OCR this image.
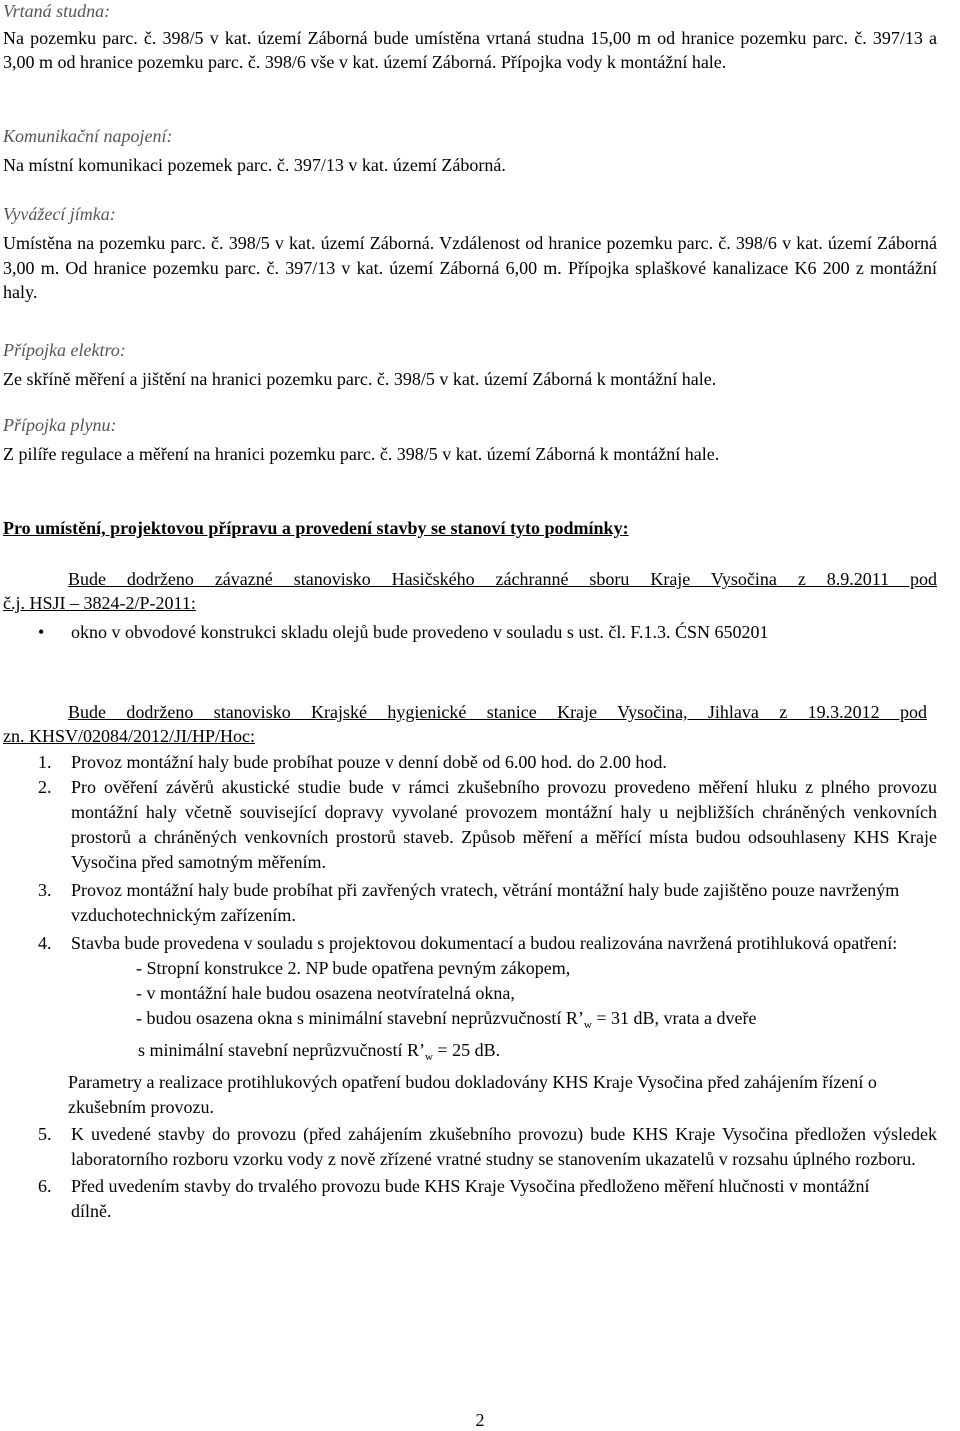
Vrtaná studna:

Na pozemku parc. č. 398/5 v kat. území Záborná bude umístěna vrtaná studna 15,00 m od hranice pozemku parc. č. 397/13 a 3,00 m od hranice pozemku parc. č. 398/6 vše v kat. území Záborná. Přípojka vody k montážní hale.

Komunikační napojení:

Na místní komunikaci pozemek parc. č. 397/13 v kat. území Záborná.

Vyvážecí jímka:

Umístěna na pozemku parc. č. 398/5 v kat. území Záborná. Vzdálenost od hranice pozemku parc. č. 398/6 v kat. území Záborná 3,00 m. Od hranice pozemku parc. č. 397/13 v kat. území Záborná 6,00 m. Přípojka splaškové kanalizace K6 200 z montážní haly.

Přípojka elektro:

Ze skříně měření a jištění na hranici pozemku parc. č. 398/5 v kat. území Záborná k montážní hale.

Přípojka plynu:

Z pilíře regulace a měření na hranici pozemku parc. č. 398/5 v kat. území Záborná k montážní hale.

Pro umístění, projektovou přípravu a provedení stavby se stanoví tyto podmínky:

Bude dodrženo závazné stanovisko Hasičského záchranné sboru Kraje Vysočina z 8.9.2011 pod
č.j. HSJI – 3824-2/P-2011:
•	okno v obvodové konstrukci skladu olejů bude provedeno v souladu s ust. čl. F.1.3. ĆSN 650201
Bude dodrženo stanovisko Krajské hygienické stanice Kraje Vysočina, Jihlava z 19.3.2012 pod
zn. KHSV/02084/2012/JI/HP/Hoc:
1.	Provoz montážní haly bude probíhat pouze v denní době od 6.00 hod. do 2.00 hod.
2.	Pro ověření závěrů akustické studie bude v rámci zkušebního provozu provedeno měření hluku z plného provozu montážní haly včetně související dopravy vyvolané provozem montážní haly u nejbližších chráněných venkovních prostorů a chráněných venkovních prostorů staveb. Způsob měření a měřící místa budou odsouhlaseny KHS Kraje Vysočina před samotným měřením.
3.	Provoz montážní haly bude probíhat při zavřených vratech, větrání montážní haly bude zajištěno pouze navrženým vzduchotechnickým zařízením.
4.	Stavba bude provedena v souladu s projektovou dokumentací a budou realizována navržená protihluková opatření:
- Stropní konstrukce 2. NP bude opatřena pevným zákopem,
- v montážní hale budou osazena neotvíratelná okna,
- budou osazena okna s minimální stavební neprůzvučností $R’_w = 31$ dB, vrata a dveře
s minimální stavební neprůzvučností $R’_w = 25$ dB.
Parametry a realizace protihlukových opatření budou dokladovány KHS Kraje Vysočina před zahájením řízení o zkušebním provozu.
5.	K uvedené stavby do provozu (před zahájením zkušebního provozu) bude KHS Kraje Vysočina předložen výsledek laboratorního rozboru vzorku vody z nově zřízené vratné studny se stanovením ukazatelů v rozsahu úplného rozboru.
6.	Před uvedením stavby do trvalého provozu bude KHS Kraje Vysočina předloženo měření hlučnosti v montážní dílně.
2
